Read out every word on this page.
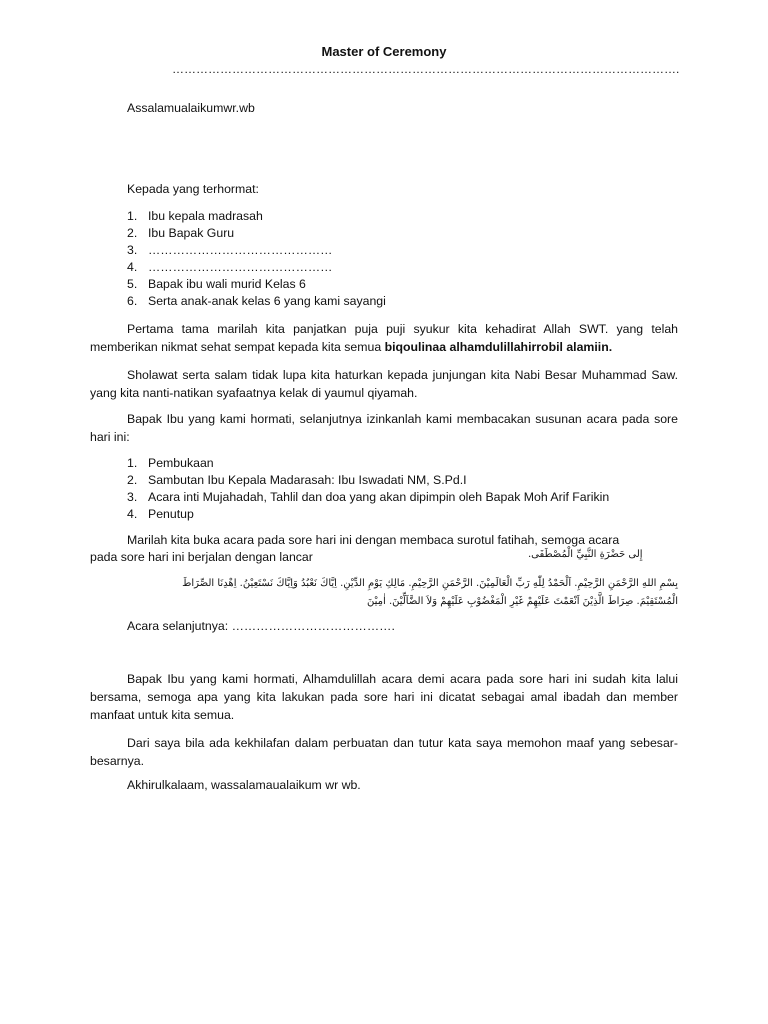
Master of Ceremony
……………………………………………………………………………………………………………….
Assalamualaikumwr.wb
Kepada yang terhormat:
1. Ibu kepala madrasah
2. Ibu Bapak Guru
3. ………………………………………
4. ………………………………………
5. Bapak ibu wali murid Kelas 6
6. Serta anak-anak kelas 6 yang kami sayangi
Pertama tama marilah kita panjatkan puja puji syukur kita kehadirat Allah SWT. yang telah memberikan nikmat sehat sempat kepada kita semua biqoulinaa alhamdulillahirrobil alamiin.
Sholawat serta salam tidak lupa kita haturkan kepada junjungan kita Nabi Besar Muhammad Saw. yang kita nanti-natikan syafaatnya kelak di yaumul qiyamah.
Bapak Ibu yang kami hormati, selanjutnya izinkanlah kami membacakan susunan acara pada sore hari ini:
1. Pembukaan
2. Sambutan Ibu Kepala Madarasah: Ibu Iswadati NM, S.Pd.I
3. Acara inti Mujahadah, Tahlil dan doa yang akan dipimpin oleh Bapak Moh Arif Farikin
4. Penutup
Marilah kita buka acara pada sore hari ini dengan membaca surotul fatihah, semoga acara
pada sore hari ini berjalan dengan lancar	إِلى حَضْرَةِ النَّبِيِّ الْمُصْطَفَى.
بِسْمِ اللهِ الرَّحْمَنِ الرَّحِيْمِ. اَلْحَمْدُ لِلّٰهِ رَبِّ الْعَالَمِيْنَ. الرَّحْمَنِ الرَّحِيْمِ. مَالِكِ يَوْمِ الدِّيْنِ. اِيَّاكَ نَعْبُدُ وَاِيَّاكَ نَسْتَعِيْنُ. اِهْدِنَا الصِّرَاطَ
الْمُسْتَقِيْمَ. صِرَاطَ الَّذِيْنَ اَنْعَمْتَ عَلَيْهِمْ غَيْرِ الْمَغْضُوْبِ عَلَيْهِمْ وَلاَ الضَّآلِّيْنَ. اٰمِيْنَ
Acara selanjutnya: ………………………………….
Bapak Ibu yang kami hormati, Alhamdulillah acara demi acara pada sore hari ini sudah kita lalui bersama, semoga apa yang kita lakukan pada sore hari ini dicatat sebagai amal ibadah dan member manfaat untuk kita semua.
Dari saya bila ada kekhilafan dalam perbuatan dan tutur kata saya memohon maaf yang sebesar-besarnya.
Akhirulkalaam, wassalamaualaikum wr wb.
